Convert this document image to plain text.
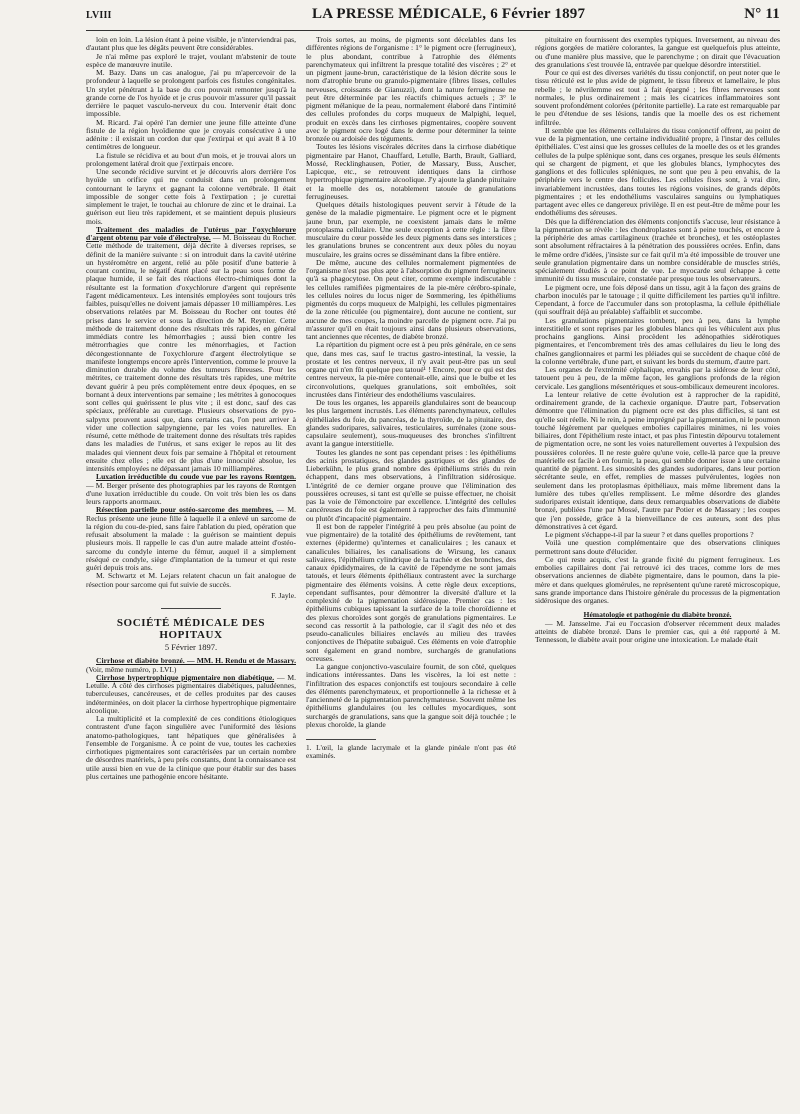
LVIII	LA PRESSE MÉDICALE, 6 Février 1897	N° 11

loin en loin. La lésion étant à peine visible, je n'interviendrai pas, d'autant plus que les dégâts peuvent être considérables.

Je n'ai même pas exploré le trajet, voulant m'abstenir de toute espèce de manœuvre inutile.

M. Bazy. Dans un cas analogue, j'ai pu m'apercevoir de la profondeur à laquelle se prolongent parfois ces fistules congénitales. Un stylet pénétrant à la base du cou pouvait remonter jusqu'à la grande corne de l'os hyoïde et je crus pouvoir m'assurer qu'il passait derrière le paquet vasculo-nerveux du cou. Intervenir était donc impossible.

M. Ricard. J'ai opéré l'an dernier une jeune fille atteinte d'une fistule de la région hyoïdienne que je croyais consécutive à une adénite : il existait un cordon dur que j'extirpai et qui avait 8 à 10 centimètres de longueur.

La fistule se récidiva et au bout d'un mois, et je trouvai alors un prolongement latéral droit que j'extirpais encore.

Une seconde récidive survint et je découvris alors derrière l'os hyoïde un orifice qui me conduisit dans un prolongement contournant le larynx et gagnant la colonne vertébrale. Il était impossible de songer cette fois à l'extirpation ; je curettai simplement le trajet, le touchai au chlorure de zinc et le drainai. La guérison eut lieu très rapidement, et se maintient depuis plusieurs mois.

Traitement des maladies de l'utérus par l'oxychlorure d'argent obtenu par voie d'électrolyse. — M. Boisseau du Rocher. Cette méthode de traitement, déjà décrite à diverses reprises, se définit de la manière suivante : si on introduit dans la cavité utérine un hystéromètre en argent, relié au pôle positif d'une batterie à courant continu, le négatif étant placé sur la peau sous forme de plaque humide, il se fait des réactions électro-chimiques dont la résultante est la formation d'oxychlorure d'argent qui représente l'agent médicamenteux. Les intensités employées sont toujours très faibles, puisqu'elles ne doivent jamais dépasser 10 milliampères. Les observations relatées par M. Boisseau du Rocher ont toutes été prises dans le service et sous la direction de M. Reynier. Cette méthode de traitement donne des résultats très rapides, en général immédiats contre les hémorrhagies ; aussi bien contre les métrorrhagies que contre les ménorrhagies, et l'action décongestionnante de l'oxychlorure d'argent électrolytique se manifeste longtemps encore après l'intervention, comme le prouve la diminution durable du volume des tumeurs fibreuses. Pour les métrites, ce traitement donne des résultats très rapides, une métrite devant guérir à peu près complètement entre deux époques, en se bornant à deux interventions par semaine ; les métrites à gonocoques sont celles qui guérissent le plus vite ; il est donc, sauf des cas spéciaux, préférable au curettage. Plusieurs observations de pyo-salpynx prouvent aussi que, dans certains cas, l'on peut arriver à vider une collection salpyngienne, par les voies naturelles. En résumé, cette méthode de traitement donne des résultats très rapides dans les maladies de l'utérus, et sans exiger le repos au lit des malades qui viennent deux fois par semaine à l'hôpital et retournent ensuite chez elles ; elle est de plus d'une innocuité absolue, les intensités employées ne dépassant jamais 10 milliampères.

Luxation irréductible du coude vue par les rayons Rœntgen. — M. Berger présente des photographies par les rayons de Rœntgen d'une luxation irréductible du coude. On voit très bien les os dans leurs rapports anormaux.

Résection partielle pour ostéo-sarcome des membres. — M. Reclus présente une jeune fille à laquelle il a enlevé un sarcome de la région du cou-de-pied, sans faire l'ablation du pied, opération que refusait absolument la malade : la guérison se maintient depuis plusieurs mois. Il rappelle le cas d'un autre malade atteint d'ostéo-sarcome du condyle interne du fémur, auquel il a simplement réséqué ce condyle, siège d'implantation de la tumeur et qui reste guéri depuis trois ans.

M. Schwartz et M. Lejars relatent chacun un fait analogue de résection pour sarcome qui fut suivie de succès.

F. Jayle.
SOCIÉTÉ MÉDICALE DES HOPITAUX
5 Février 1897.

Cirrhose et diabète bronzé. — MM. H. Rendu et de Massary. (Voir, même numéro, p. LVI.)

Cirrhose hypertrophique pigmentaire non diabétique. — M. Letulle. À côté des cirrhoses pigmentaires diabétiques, paludéennes, tuberculeuses, cancéreuses, et de celles produites par des causes indéterminées, on doit placer la cirrhose hypertrophique pigmentaire alcoolique.

La multiplicité et la complexité de ces conditions étiologiques contrastent d'une façon singulière avec l'uniformité des lésions anatomo-pathologiques, tant hépatiques que généralisées à l'ensemble de l'organisme. À ce point de vue, toutes les cachexies cirrhotiques pigmentaires sont caractérisées par un certain nombre de désordres matériels, à peu près constants, dont la connaissance est utile aussi bien en vue de la clinique que pour établir sur des bases plus certaines une pathogénie encore hésitante.

Trois sortes, au moins, de pigments sont décelables dans les différentes régions de l'organisme : 1° le pigment ocre (ferrugineux), le plus abondant, contribue à l'atrophie des éléments parenchymateux qui infiltrent la presque totalité des viscères ; 2° et un pigment jaune-brun, caractéristique de la lésion décrite sous le nom d'atrophie brune ou granulo-pigmentaire (fibres lisses, cellules nerveuses, croissants de Gianuzzi), dont la nature ferrugineuse ne peut être déterminée par les réactifs chimiques actuels ; 3° le pigment mélanique de la peau, normalement élaboré dans l'intimité des cellules profondes du corps muqueux de Malpighi, lequel, produit en excès dans les cirrhoses pigmentaires, coopère souvent avec le pigment ocre logé dans le derme pour déterminer la teinte bronzée ou ardoisée des téguments.

Toutes les lésions viscérales décrites dans la cirrhose diabétique pigmentaire par Hanot, Chauffard, Letulle, Barth, Brault, Galliard, Mossé, Recklinghausen, Potier, de Massary, Buss, Auscher, Lapicque, etc., se retrouvent identiques dans la cirrhose hypertrophique pigmentaire alcoolique. J'y ajoute la glande pituitaire et la moelle des os, notablement tatouée de granulations ferrugineuses.

Quelques détails histologiques peuvent servir à l'étude de la genèse de la maladie pigmentaire. Le pigment ocre et le pigment jaune brun, par exemple, ne coexistent jamais dans le même protoplasma cellulaire. Une seule exception à cette règle : la fibre musculaire du cœur possède les deux pigments dans ses interstices ; les granulations brunes se concentrent aux deux pôles du noyau musculaire, les grains ocres se disséminant dans la fibre entière.

De même, aucune des cellules normalement pigmentées de l'organisme n'est pas plus apte à l'absorption du pigment ferrugineux qu'à sa phagocytose. On peut citer, comme exemple indiscutable : les cellules ramifiées pigmentaires de la pie-mère cérébro-spinale, les cellules noires du locus niger de Sœmmering, les épithéliums pigmentés du corps muqueux de Malpighi, les cellules pigmentaires de la zone réticulée (ou pigmentaire), dont aucune ne contient, sur aucune de mes coupes, la moindre parcelle de pigment ocre. J'ai pu m'assurer qu'il en était toujours ainsi dans plusieurs observations, tant anciennes que récentes, de diabète bronzé.

La répartition du pigment ocre est à peu près générale, en ce sens que, dans mes cas, sauf le tractus gastro-intestinal, la vessie, la prostate et les centres nerveux, il n'y avait peut-être pas un seul organe qui n'en fût quelque peu tatoué¹ ! Encore, pour ce qui est des centres nerveux, la pie-mère contenait-elle, ainsi que le bulbe et les circonvolutions, quelques granulations, soit emboîtées, soit incrustées dans l'intérieur des endothéliums vasculaires.

De tous les organes, les appareils glandulaires sont de beaucoup les plus largement incrustés. Les éléments parenchymateux, cellules épithéliales du foie, du pancréas, de la thyroïde, de la pituitaire, des glandes sudoripares, salivaires, testiculaires, surrénales (zone sous-capsulaire seulement), sous-muqueuses des bronches s'infiltrent avant la gangue interstitielle.

Toutes les glandes ne sont pas cependant prises : les épithéliums des acinis prostatiques, des glandes gastriques et des glandes de Lieberkühn, le plus grand nombre des épithéliums striés du rein échappent, dans mes observations, à l'infiltration sidérosique. L'intégrité de ce dernier organe prouve que l'élimination des poussières ocreuses, si tant est qu'elle se puisse effectuer, ne choisit pas la voie de l'émonctoire par excellence. L'intégrité des cellules cancéreuses du foie est également à rapprocher des faits d'immunité ou plutôt d'incapacité pigmentaire.

Il est bon de rappeler l'intégrité à peu près absolue (au point de vue pigmentaire) de la totalité des épithéliums de revêtement, tant externes (épiderme) qu'internes et canaliculaires ; les canaux et canalicules biliaires, les canalisations de Wirsung, les canaux salivaires, l'épithélium cylindrique de la trachée et des bronches, des canaux épididymaires, de la cavité de l'épendyme ne sont jamais tatoués, et leurs éléments épithéliaux contrastent avec la surcharge pigmentaire des éléments voisins. À cette règle deux exceptions, cependant suffisantes, pour démontrer la diversité d'allure et la complexité de la pigmentation sidérosique. Premier cas : les épithéliums cubiques tapissant la surface de la toile choroïdienne et des plexus choroïdes sont gorgés de granulations pigmentaires. Le second cas ressortit à la pathologie, car il s'agit des néo et des pseudo-canalicules biliaires enclavés au milieu des travées conjonctives de l'hépatite subaiguë. Ces éléments en voie d'atrophie sont également en grand nombre, surchargés de granulations ocreuses.

La gangue conjonctivo-vasculaire fournit, de son côté, quelques indications intéressantes. Dans les viscères, la loi est nette : l'infiltration des espaces conjonctifs est toujours secondaire à celle des éléments parenchymateux, et proportionnelle à la richesse et à l'ancienneté de la pigmentation parenchymateuse. Souvent même les épithéliums glandulaires (ou les cellules myocardiques, sont surchargés de granulations, sans que la gangue soit déjà touchée ; le plexus choroïde, la glande

1. L'œil, la glande lacrymale et la glande pinéale n'ont pas été examinés.

pituitaire en fournissent des exemples typiques. Inversement, au niveau des régions gorgées de matière colorantes, la gangue est quelquefois plus atteinte, ou d'une manière plus massive, que le parenchyme ; on dirait que l'évacuation des granulations s'est trouvée là, entravée par quelque désordre interstitiel.

Pour ce qui est des diverses variétés du tissu conjonctif, on peut noter que le tissu réticulé est le plus avide de pigment, le tissu fibreux et lamellaire, le plus rebelle ; le névrilemme est tout à fait épargné ; les fibres nerveuses sont normales, le plus ordinairement ; mais les cicatrices inflammatoires sont souvent profondément colorées (péritonite partielle). La rate est remarquable par le peu d'étendue de ses lésions, tandis que la moelle des os est richement infiltrée.

Il semble que les éléments cellulaires du tissu conjonctif offrent, au point de vue de la pigmentation, une certaine individualité propre, à l'instar des cellules épithéliales. C'est ainsi que les grosses cellules de la moelle des os et les grandes cellules de la pulpe splénique sont, dans ces organes, presque les seuls éléments qui se chargent de pigment, et que les globules blancs, lymphocytes des ganglions et des follicules spléniques, ne sont que peu à peu envahis, de la périphérie vers le centre des follicules. Les cellules fixes sont, à vrai dire, invariablement incrustées, dans toutes les régions voisines, de grands dépôts pigmentaires ; et les endothéliums vasculaires sanguins ou lymphatiques partagent avec elles ce dangereux privilège. Il en est peut-être de même pour les endothéliums des séreuses.

Dès que la différenciation des éléments conjonctifs s'accuse, leur résistance à la pigmentation se révèle : les chondroplastes sont à peine touchés, et encore à la périphérie des amas cartilagineux (trachée et bronches), et les ostéoplastes sont absolument réfractaires à la pénétration des poussières ocrées. Enfin, dans le même ordre d'idées, j'insiste sur ce fait qu'il m'a été impossible de trouver une seule granulation pigmentaire dans un nombre considérable de muscles striés, spécialement étudiés à ce point de vue. Le myocarde seul échappe à cette immunité du tissu musculaire, constatée par presque tous les observateurs.

Le pigment ocre, une fois déposé dans un tissu, agit à la façon des grains de charbon inoculés par le tatouage ; il quitte difficilement les parties qu'il infiltre. Cependant, à force de l'accumuler dans son protoplasma, la cellule épithéliale (qui souffrait déjà au préalable) s'affaiblit et succombe.

Les granulations pigmentaires tombent, peu à peu, dans la lymphe interstitielle et sont reprises par les globules blancs qui les véhiculent aux plus prochains ganglions. Ainsi procèdent les adénopathies sidérotiques pigmentaires, et l'encombrement très des amas cellulaires du lieu le long des chaînes ganglionnaires et parmi les pléiades qui se succèdent de chaque côté de la colonne vertébrale, d'une part, et suivant les bords du sternum, d'autre part.

Les organes de l'extrémité céphalique, envahis par la sidérose de leur côté, tatouent peu à peu, de la même façon, les ganglions profonds de la région cervicale. Les ganglions mésentériques et sous-ombilicaux demeurent incolores.

La lenteur relative de cette évolution est à rapprocher de la rapidité, ordinairement grande, de la cachexie organique. D'autre part, l'observation démontre que l'élimination du pigment ocre est des plus difficiles, si tant est qu'elle soit réelle. Ni le rein, à peine imprégné par la pigmentation, ni le poumon touché légèrement par quelques embolies capillaires minimes, ni les voies biliaires, dont l'épithélium reste intact, et pas plus l'intestin dépourvu totalement de pigmentation ocre, ne sont les voies naturellement ouvertes à l'expulsion des poussières colorées. Il ne reste guère qu'une voie, celle-là parce que la preuve matérielle est facile à en fournir, la peau, qui semble donner issue à une certaine quantité de pigment. Les sinuosités des glandes sudoripares, dans leur portion sécrétante seule, en effet, remplies de masses pulvérulentes, logées non seulement dans les protoplasmas épithéliaux, mais même librement dans la lumière des tubes qu'elles remplissent. Le même désordre des glandes sudoripares existait identique, dans deux remarquables observations de diabète bronzé, publiées l'une par Mossé, l'autre par Potier et de Massary ; les coupes que j'en possède, grâce à la bienveillance de ces auteurs, sont des plus démonstratives à cet égard.

Le pigment s'échappe-t-il par la sueur ? et dans quelles proportions ?

Voilà une question complémentaire que des observations cliniques permettront sans doute d'élucider.

Ce qui reste acquis, c'est la grande fixité du pigment ferrugineux. Les embolies capillaires dont j'ai retrouvé ici des traces, comme lors de mes observations anciennes de diabète pigmentaire, dans le poumon, dans la pie-mère et dans quelques glomérules, ne représentent qu'une rareté microscopique, sans grande importance dans l'histoire générale du processus de la pigmentation sidérosique des organes.

Hématologie et pathogénie du diabète bronzé.

— M. Jansselme. J'ai eu l'occasion d'observer récemment deux malades atteints de diabète bronzé. Dans le premier cas, qui a été rapporté à M. Tennesson, le diabète avait pour origine une intoxication. Le malade était
